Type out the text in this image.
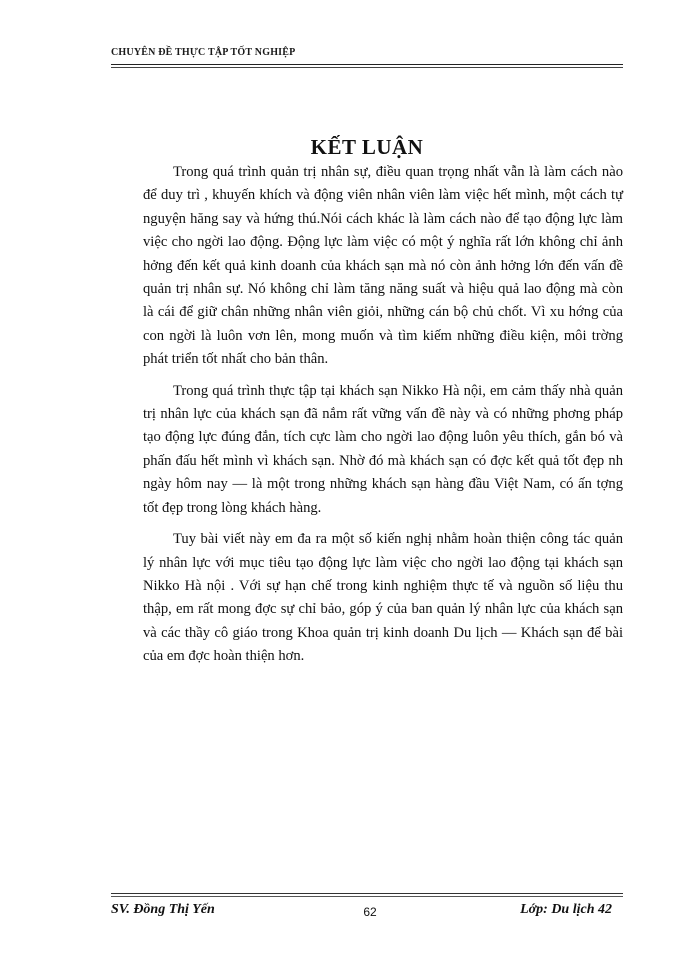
CHUYÊN ĐỀ THỰC TẬP TỐT NGHIỆP
KẾT LUẬN

Trong quá trình quản trị nhân sự, điều quan trọng nhất vẫn là làm cách nào để duy trì , khuyến khích và động viên nhân viên làm việc hết mình, một cách tự nguyện hăng say và hứng thú.Nói cách khác là làm cách nào để tạo động lực làm việc cho ngời lao động. Động lực làm việc có một ý nghĩa rất lớn không chỉ ảnh hởng đến kết quả kinh doanh của khách sạn mà nó còn ảnh hởng lớn đến vấn đề quản trị nhân sự. Nó không chỉ làm tăng năng suất và hiệu quả lao động mà còn là cái để giữ chân những nhân viên giỏi, những cán bộ chủ chốt. Vì xu hớng của con ngời là luôn vơn lên, mong muốn và tìm kiếm những điều kiện, môi trờng phát triển tốt nhất cho bản thân.

Trong quá trình thực tập tại khách sạn Nikko Hà nội, em cảm thấy nhà quản trị nhân lực của khách sạn đã nắm rất vững vấn đề này và có những phơng pháp tạo động lực đúng đắn, tích cực làm cho ngời lao động luôn yêu thích, gắn bó và phấn đấu hết mình vì khách sạn. Nhờ đó mà khách sạn có đợc kết quả tốt đẹp nh ngày hôm nay — là một trong những khách sạn hàng đầu Việt Nam, có ấn tợng tốt đẹp trong lòng khách hàng.

Tuy bài viết này em đa ra một số kiến nghị nhằm hoàn thiện công tác quản lý nhân lực với mục tiêu tạo động lực làm việc cho ngời lao động tại khách sạn Nikko Hà nội . Với sự hạn chế trong kinh nghiệm thực tế và nguồn số liệu thu thập, em rất mong đợc sự chỉ bảo, góp ý của ban quản lý nhân lực của khách sạn và các thầy cô giáo trong Khoa quản trị kinh doanh Du lịch — Khách sạn để bài của em đợc hoàn thiện hơn.

SV. Đồng Thị Yến	62	Lớp: Du lịch 42
